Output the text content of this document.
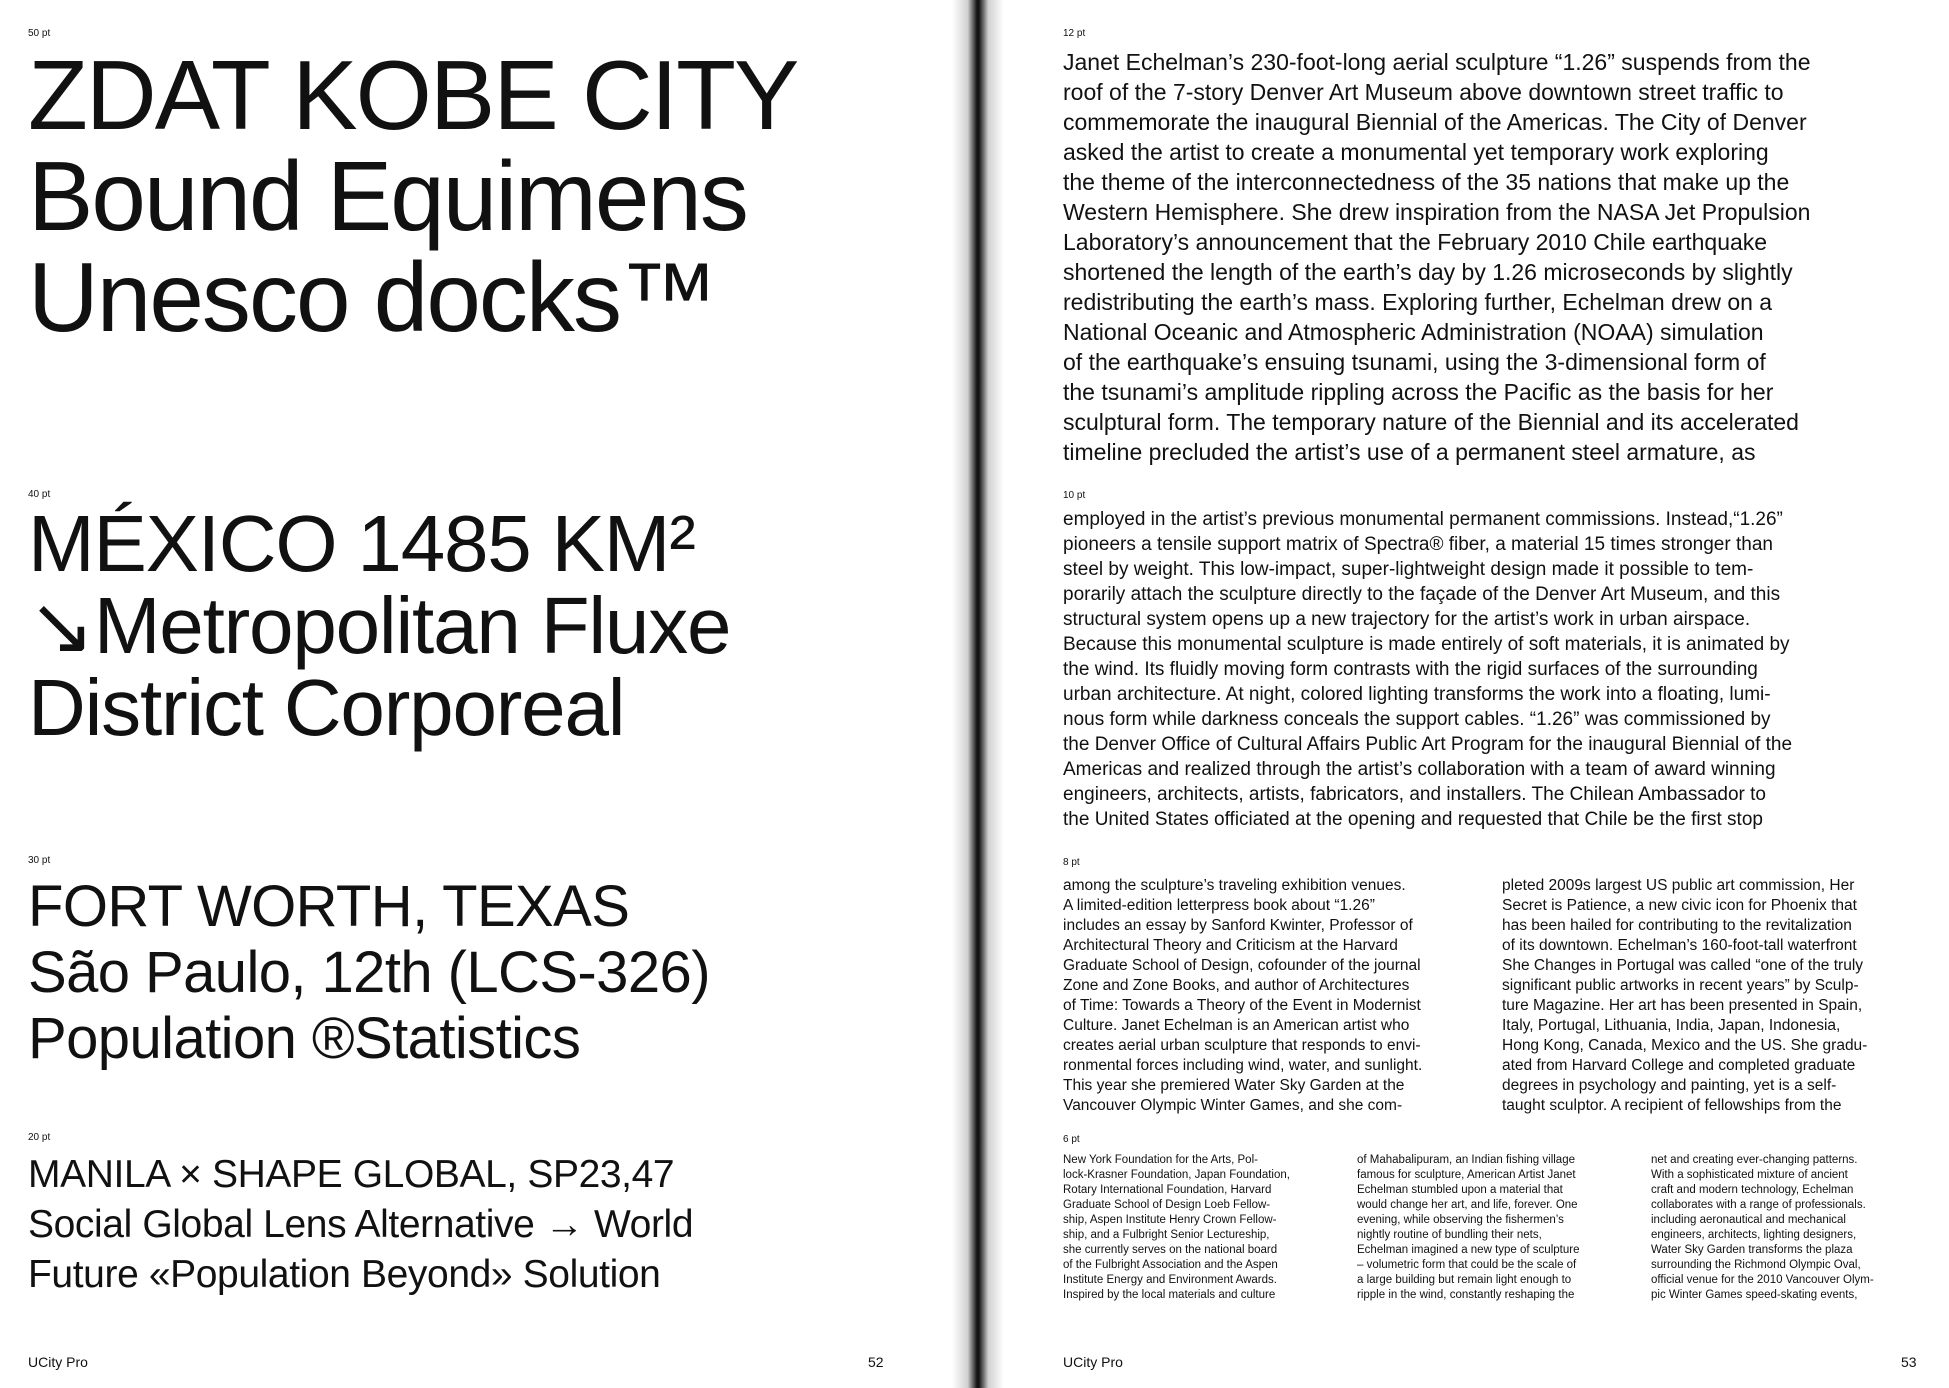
50 pt
ZDAT KOBE CITY
Bound Equimens
Unesco docks™
40 pt
MÉXICO 1485 KM²
↘Metropolitan Fluxe
District Corporeal
30 pt
FORT WORTH, TEXAS
São Paulo, 12th (LCS-326)
Population ®Statistics
20 pt
MANILA × SHAPE GLOBAL, SP23,47
Social Global Lens Alternative → World
Future «Population Beyond» Solution
UCity Pro	52
12 pt
Janet Echelman’s 230-foot-long aerial sculpture “1.26” suspends from the
roof of the 7-story Denver Art Museum above downtown street traffic to
commemorate the inaugural Biennial of the Americas. The City of Denver
asked the artist to create a monumental yet temporary work exploring
the theme of the interconnectedness of the 35 nations that make up the
Western Hemisphere. She drew inspiration from the NASA Jet Propulsion
Laboratory’s announcement that the February 2010 Chile earthquake
shortened the length of the earth’s day by 1.26 microseconds by slightly
redistributing the earth’s mass. Exploring further, Echelman drew on a
National Oceanic and Atmospheric Administration (NOAA) simulation
of the earthquake’s ensuing tsunami, using the 3-dimensional form of
the tsunami’s amplitude rippling across the Pacific as the basis for her
sculptural form. The temporary nature of the Biennial and its accelerated
timeline precluded the artist’s use of a permanent steel armature, as
10 pt
employed in the artist’s previous monumental permanent commissions. Instead,“1.26”
pioneers a tensile support matrix of Spectra® fiber, a material 15 times stronger than
steel by weight. This low-impact, super-lightweight design made it possible to tem-
porarily attach the sculpture directly to the façade of the Denver Art Museum, and this
structural system opens up a new trajectory for the artist’s work in urban airspace.
Because this monumental sculpture is made entirely of soft materials, it is animated by
the wind. Its fluidly moving form contrasts with the rigid surfaces of the surrounding
urban architecture. At night, colored lighting transforms the work into a floating, lumi-
nous form while darkness conceals the support cables. “1.26” was commissioned by
the Denver Office of Cultural Affairs Public Art Program for the inaugural Biennial of the
Americas and realized through the artist’s collaboration with a team of award winning
engineers, architects, artists, fabricators, and installers. The Chilean Ambassador to
the United States officiated at the opening and requested that Chile be the first stop
8 pt
among the sculpture’s traveling exhibition venues.
A limited-edition letterpress book about “1.26”
includes an essay by Sanford Kwinter, Professor of
Architectural Theory and Criticism at the Harvard
Graduate School of Design, cofounder of the journal
Zone and Zone Books, and author of Architectures
of Time: Towards a Theory of the Event in Modernist
Culture. Janet Echelman is an American artist who
creates aerial urban sculpture that responds to envi-
ronmental forces including wind, water, and sunlight.
This year she premiered Water Sky Garden at the
Vancouver Olympic Winter Games, and she com-
pleted 2009s largest US public art commission, Her
Secret is Patience, a new civic icon for Phoenix that
has been hailed for contributing to the revitalization
of its downtown. Echelman’s 160-foot-tall waterfront
She Changes in Portugal was called “one of the truly
significant public artworks in recent years” by Sculp-
ture Magazine. Her art has been presented in Spain,
Italy, Portugal, Lithuania, India, Japan, Indonesia,
Hong Kong, Canada, Mexico and the US. She gradu-
ated from Harvard College and completed graduate
degrees in psychology and painting, yet is a self-
taught sculptor. A recipient of fellowships from the
6 pt
New York Foundation for the Arts, Pol-
lock-Krasner Foundation, Japan Foundation,
Rotary International Foundation, Harvard
Graduate School of Design Loeb Fellow-
ship, Aspen Institute Henry Crown Fellow-
ship, and a Fulbright Senior Lectureship,
she currently serves on the national board
of the Fulbright Association and the Aspen
Institute Energy and Environment Awards.
Inspired by the local materials and culture
of Mahabalipuram, an Indian fishing village
famous for sculpture, American Artist Janet
Echelman stumbled upon a material that
would change her art, and life, forever. One
evening, while observing the fishermen’s
nightly routine of bundling their nets,
Echelman imagined a new type of sculpture
– volumetric form that could be the scale of
a large building but remain light enough to
ripple in the wind, constantly reshaping the
net and creating ever-changing patterns.
With a sophisticated mixture of ancient
craft and modern technology, Echelman
collaborates with a range of professionals.
including aeronautical and mechanical
engineers, architects, lighting designers,
Water Sky Garden transforms the plaza
surrounding the Richmond Olympic Oval,
official venue for the 2010 Vancouver Olym-
pic Winter Games speed-skating events,
UCity Pro	53
